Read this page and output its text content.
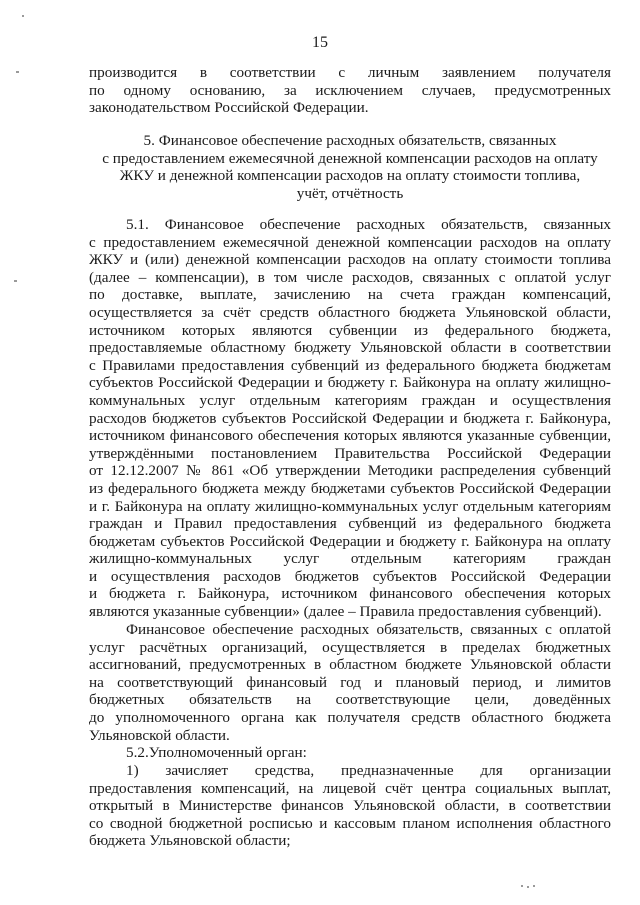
15
производится в соответствии с личным заявлением получателя
по одному основанию, за исключением случаев, предусмотренных
законодательством Российской Федерации.
5. Финансовое обеспечение расходных обязательств, связанных
с предоставлением ежемесячной денежной компенсации расходов на оплату
ЖКУ и денежной компенсации расходов на оплату стоимости топлива,
учёт, отчётность
5.1. Финансовое обеспечение расходных обязательств, связанных
с предоставлением ежемесячной денежной компенсации расходов на оплату
ЖКУ и (или) денежной компенсации расходов на оплату стоимости топлива
(далее – компенсации), в том числе расходов, связанных с оплатой услуг
по доставке, выплате, зачислению на счета граждан компенсаций,
осуществляется за счёт средств областного бюджета Ульяновской области,
источником которых являются субвенции из федерального бюджета,
предоставляемые областному бюджету Ульяновской области в соответствии
с Правилами предоставления субвенций из федерального бюджета бюджетам
субъектов Российской Федерации и бюджету г. Байконура на оплату жилищно-
коммунальных услуг отдельным категориям граждан и осуществления
расходов бюджетов субъектов Российской Федерации и бюджета г. Байконура,
источником финансового обеспечения которых являются указанные субвенции,
утверждёнными постановлением Правительства Российской Федерации
от 12.12.2007 № 861 «Об утверждении Методики распределения субвенций
из федерального бюджета между бюджетами субъектов Российской Федерации
и г. Байконура на оплату жилищно-коммунальных услуг отдельным категориям
граждан и Правил предоставления субвенций из федерального бюджета
бюджетам субъектов Российской Федерации и бюджету г. Байконура на оплату
жилищно-коммунальных услуг отдельным категориям граждан
и осуществления расходов бюджетов субъектов Российской Федерации
и бюджета г. Байконура, источником финансового обеспечения которых
являются указанные субвенции» (далее – Правила предоставления субвенций).
Финансовое обеспечение расходных обязательств, связанных с оплатой
услуг расчётных организаций, осуществляется в пределах бюджетных
ассигнований, предусмотренных в областном бюджете Ульяновской области
на соответствующий финансовый год и плановый период, и лимитов
бюджетных обязательств на соответствующие цели, доведённых
до уполномоченного органа как получателя средств областного бюджета
Ульяновской области.
5.2.Уполномоченный орган:
1) зачисляет средства, предназначенные для организации
предоставления компенсаций, на лицевой счёт центра социальных выплат,
открытый в Министерстве финансов Ульяновской области, в соответствии
со сводной бюджетной росписью и кассовым планом исполнения областного
бюджета Ульяновской области;
